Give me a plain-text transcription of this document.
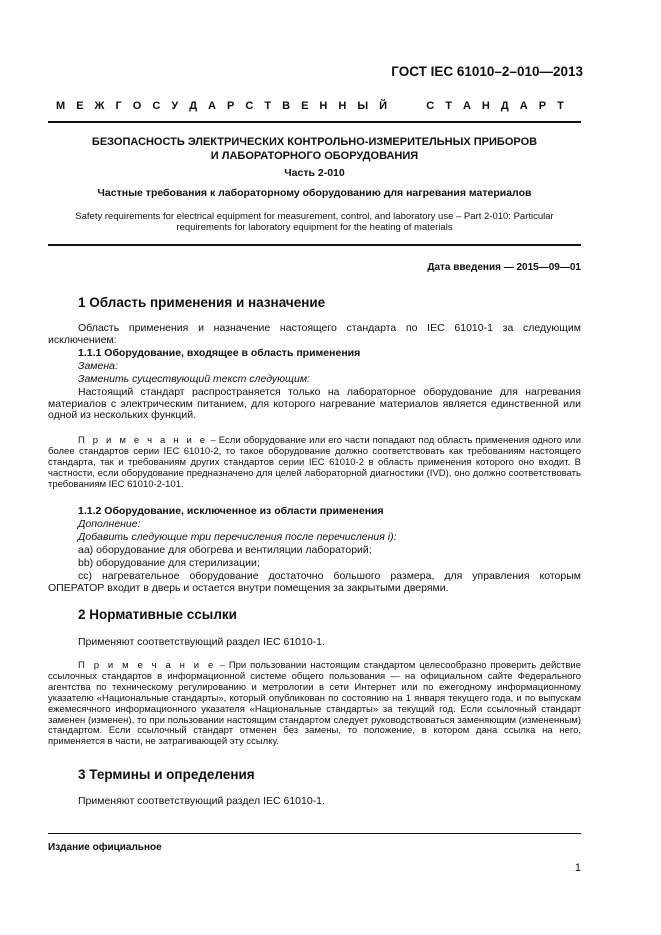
ГОСТ IEC 61010–2–010—2013
М Е Ж Г О С У Д А Р С Т В Е Н Н Ы Й

	С Т А Н Д А Р Т
БЕЗОПАСНОСТЬ ЭЛЕКТРИЧЕСКИХ КОНТРОЛЬНО-ИЗМЕРИТЕЛЬНЫХ ПРИБОРОВ
И ЛАБОРАТОРНОГО ОБОРУДОВАНИЯ
Часть 2-010
Частные требования к лабораторному оборудованию для нагревания материалов
Safety requirements for electrical equipment for measurement, control, and laboratory use – Part 2-010: Particular
requirements for laboratory equipment for the heating of materials
Дата введения — 2015—09—01
1 Область применения и назначение
Область применения и назначение настоящего стандарта по IEC 61010-1 за следующим исключением:
1.1.1 Оборудование, входящее в область применения
Замена:
Заменить существующий текст следующим:
Настоящий стандарт распространяется только на лабораторное оборудование для нагревания материалов с электрическим питанием, для которого нагревание материалов является единственной или одной из нескольких функций.
П р и м е ч а н и е – Если оборудование или его части попадают под область применения одного или более стандартов серии IEC 61010-2, то такое оборудование должно соответствовать как требованиям настоящего стандарта, так и требованиям других стандартов серии IEC 61010-2 в область применения которого оно входит. В частности, если оборудование предназначено для целей лабораторной диагностики (IVD), оно должно соответствовать требованиям IEC 61010-2-101.
1.1.2 Оборудование, исключенное из области применения
Дополнение:
Добавить следующие три перечисления после перечисления i):
аа) оборудование для обогрева и вентиляции лабораторий;
bb) оборудование для стерилизации;
сс) нагревательное оборудование достаточно большого размера, для управления которым ОПЕРАТОР входит в дверь и остается внутри помещения за закрытыми дверями.
2 Нормативные ссылки
Применяют соответствующий раздел IEC 61010-1.
П р и м е ч а н и е – При пользовании настоящим стандартом целесообразно проверить действие ссылочных стандартов в информационной системе общего пользования — на официальном сайте Федерального агентства по техническому регулированию и метрологии в сети Интернет или по ежегодному информационному указателю «Национальные стандарты», который опубликован по состоянию на 1 января текущего года, и по выпускам ежемесячного информационного указателя «Национальные стандарты» за текущий год. Если ссылочный стандарт заменен (изменен), то при пользовании настоящим стандартом следует руководствоваться заменяющим (измененным) стандартом. Если ссылочный стандарт отменен без замены, то положение, в котором дана ссылка на него, применяется в части, не затрагивающей эту ссылку.
3 Термины и определения
Применяют соответствующий раздел IEC 61010-1.
Издание официальное
1
